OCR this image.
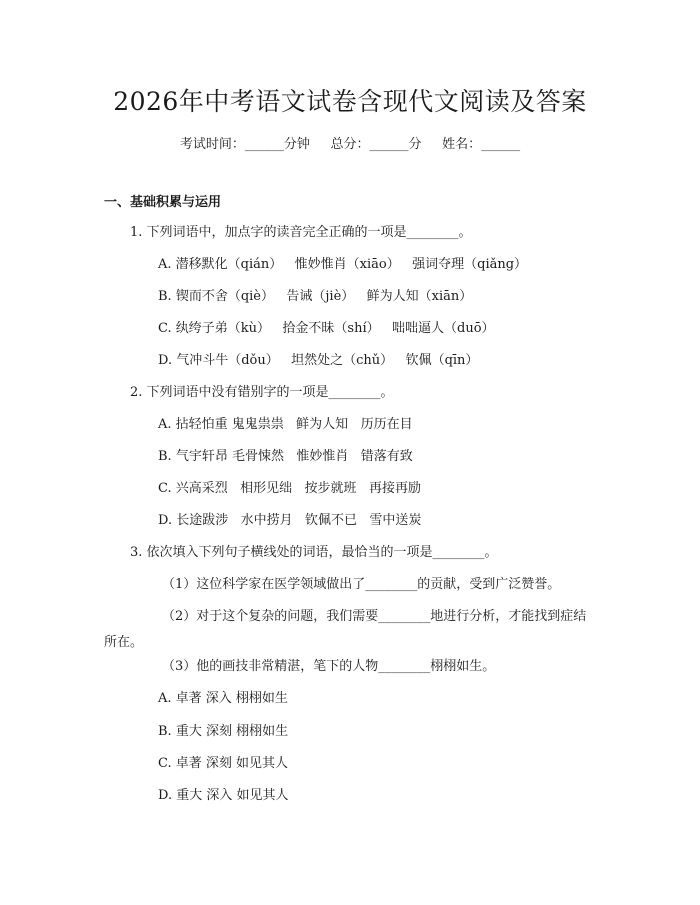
2026年中考语文试卷含现代文阅读及答案
考试时间：______分钟     总分：______分     姓名：______
一、基础积累与运用
1. 下列词语中，加点字的读音完全正确的一项是________。
A. 潜移默化（qián）   惟妙惟肖（xiāo）   强词夺理（qiǎng）
B. 锲而不舍（qiè）   告诫（jiè）   鲜为人知（xiān）
C. 纨绔子弟（kù）   拾金不昧（shí）   咄咄逼人（duō）
D. 气冲斗牛（dǒu）   坦然处之（chǔ）   钦佩（qīn）
2. 下列词语中没有错别字的一项是________。
A. 拈轻怕重 鬼鬼祟祟   鲜为人知   历历在目
B. 气宇轩昂 毛骨悚然   惟妙惟肖   错落有致
C. 兴高采烈   相形见绌   按步就班   再接再励
D. 长途跋涉   水中捞月   钦佩不已   雪中送炭
3. 依次填入下列句子横线处的词语，最恰当的一项是________。
（1）这位科学家在医学领域做出了________的贡献，受到广泛赞誉。
（2）对于这个复杂的问题，我们需要________地进行分析，才能找到症结所在。
（3）他的画技非常精湛，笔下的人物________栩栩如生。
A. 卓著 深入 栩栩如生
B. 重大 深刻 栩栩如生
C. 卓著 深刻 如见其人
D. 重大 深入 如见其人
